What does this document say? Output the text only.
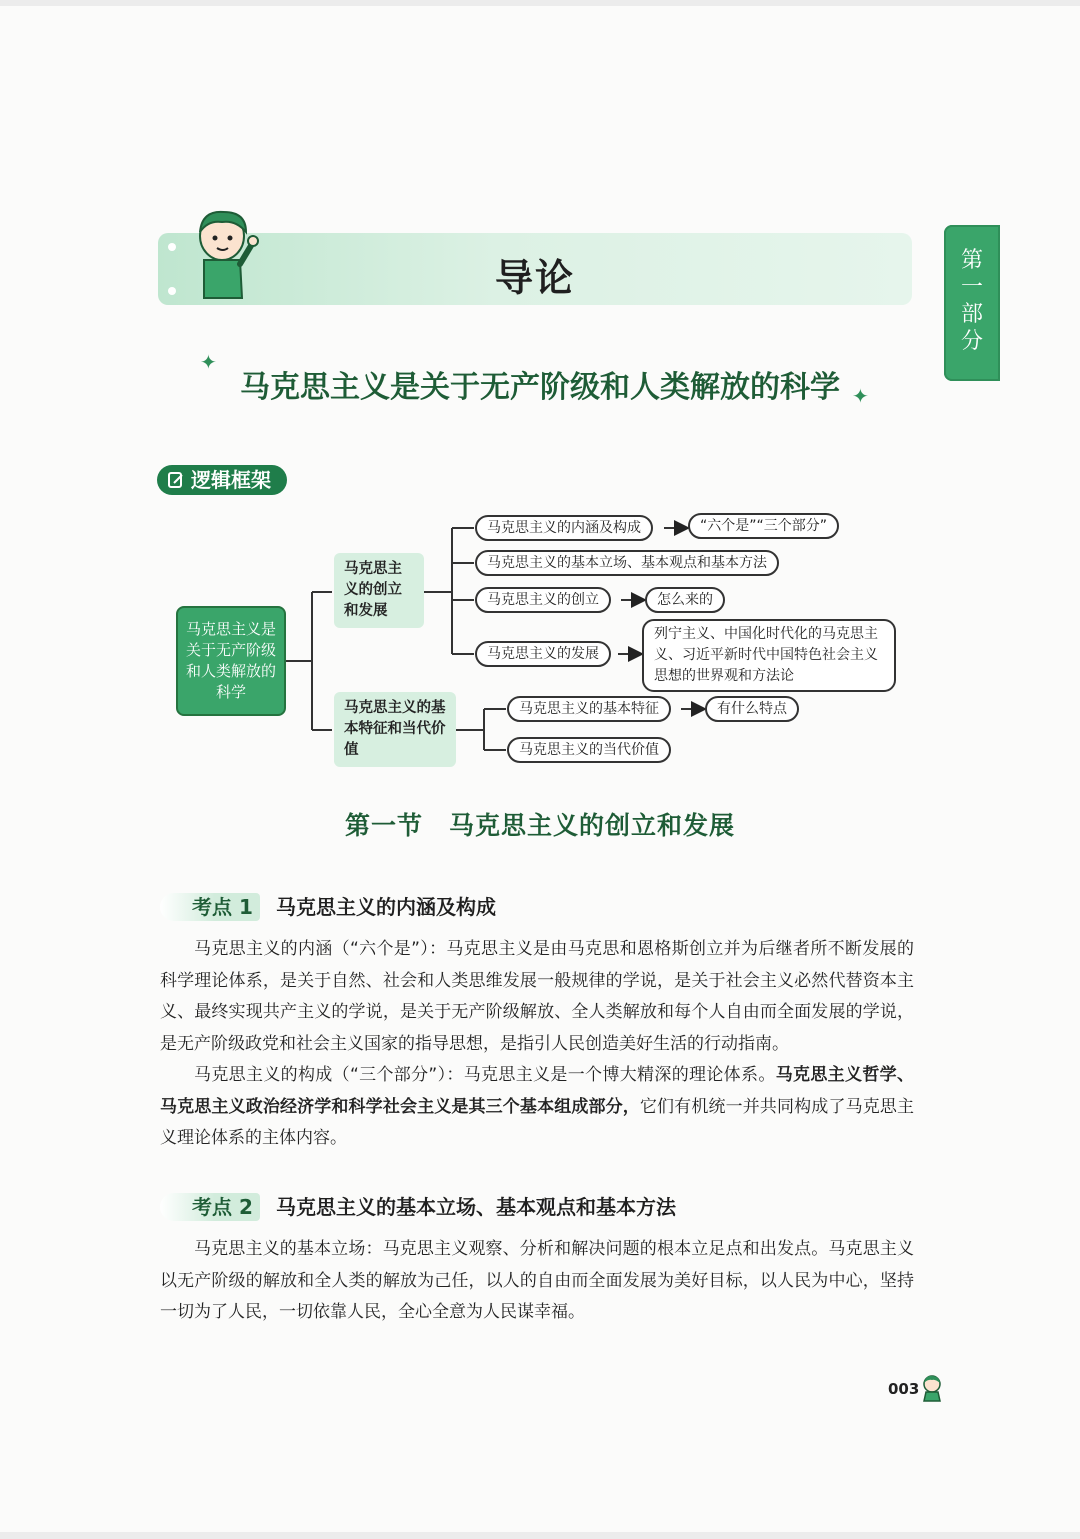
导论	第一部分
✦
马克思主义是关于无产阶级和人类解放的科学 ✦
逻辑框架
马克思主义是关于无产阶级和人类解放的科学
马克思主义的创立和发展
马克思主义的基本特征和当代价值
马克思主义的内涵及构成	“六个是”“三个部分”
马克思主义的基本立场、基本观点和基本方法
马克思主义的创立	怎么来的
马克思主义的发展
列宁主义、中国化时代化的马克思主义、习近平新时代中国特色社会主义思想的世界观和方法论
马克思主义的基本特征	有什么特点
马克思主义的当代价值
第一节　马克思主义的创立和发展
考点 1	马克思主义的内涵及构成

马克思主义的内涵（“六个是”）：马克思主义是由马克思和恩格斯创立并为后继者所不断发展的科学理论体系，是关于自然、社会和人类思维发展一般规律的学说，是关于社会主义必然代替资本主义、最终实现共产主义的学说，是关于无产阶级解放、全人类解放和每个人自由而全面发展的学说，是无产阶级政党和社会主义国家的指导思想，是指引人民创造美好生活的行动指南。

马克思主义的构成（“三个部分”）：马克思主义是一个博大精深的理论体系。马克思主义哲学、马克思主义政治经济学和科学社会主义是其三个基本组成部分，它们有机统一并共同构成了马克思主义理论体系的主体内容。

考点 2	马克思主义的基本立场、基本观点和基本方法

马克思主义的基本立场：马克思主义观察、分析和解决问题的根本立足点和出发点。马克思主义以无产阶级的解放和全人类的解放为己任，以人的自由而全面发展为美好目标，以人民为中心，坚持一切为了人民，一切依靠人民，全心全意为人民谋幸福。

003
